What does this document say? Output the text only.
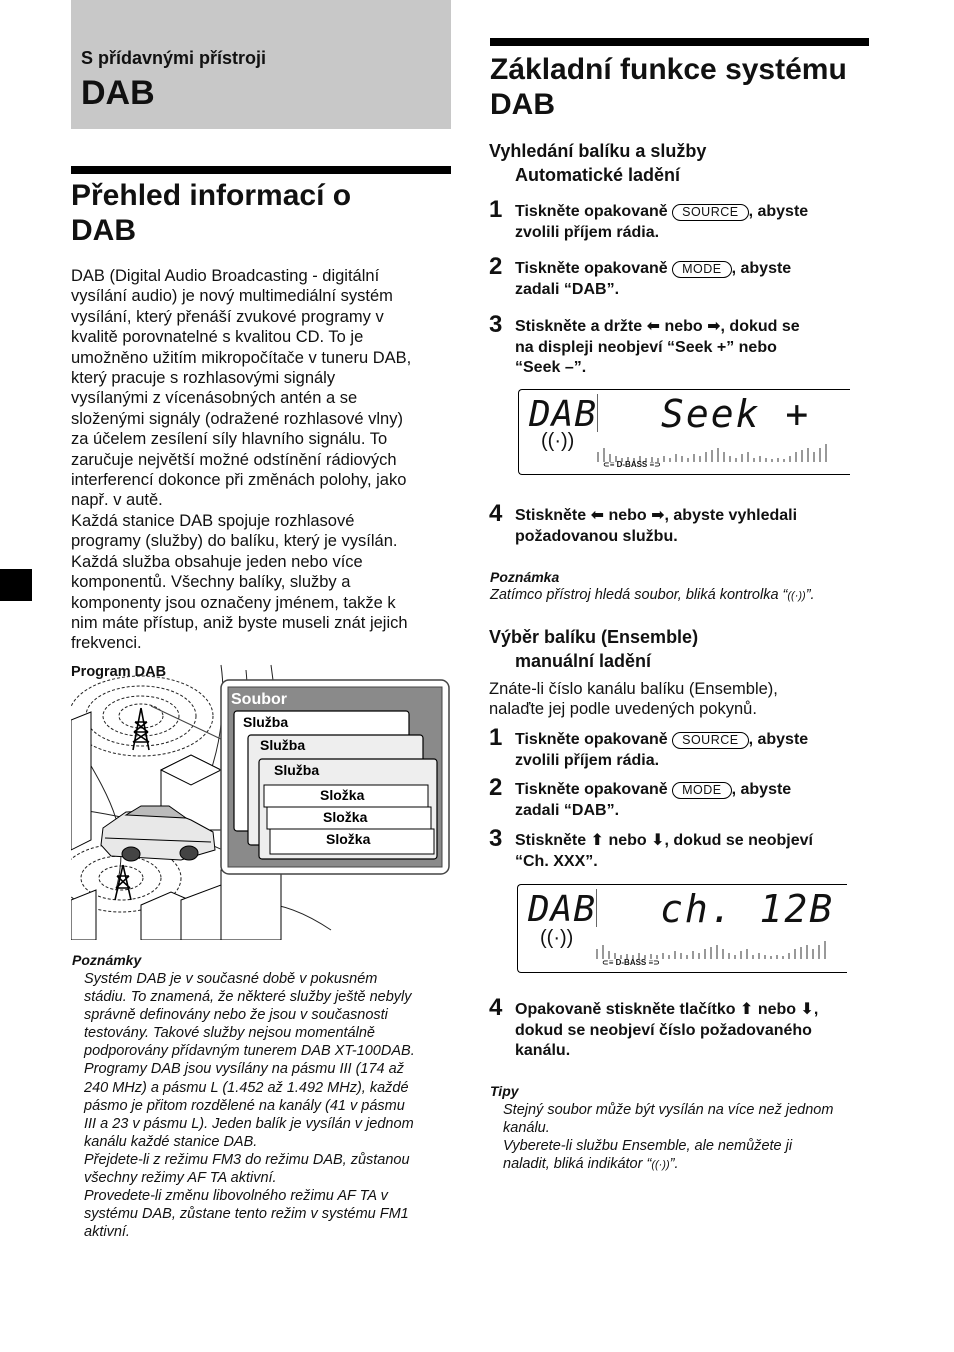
S přídavnými přístroji
DAB
Přehled informací o
DAB
DAB (Digital Audio Broadcasting - digitální
vysílání audio) je nový multimediální systém
vysílání, který přenáší zvukové programy v
kvalitě porovnatelné s kvalitou CD. To je
umožněno užitím mikropočítače v tuneru DAB,
který pracuje s rozhlasovými signály
vysílanými z vícenásobných antén a se
složenými signály (odražené rozhlasové vlny)
za účelem zesílení síly hlavního signálu. To
zaručuje největší možné odstínění rádiových
interferencí dokonce při změnách polohy, jako
např. v autě.
Každá stanice DAB spojuje rozhlasové
programy (služby) do balíku, který je vysílán.
Každá služba obsahuje jeden nebo více
komponentů. Všechny balíky, služby a
komponenty jsou označeny jménem, takže k
nim máte přístup, aniž byste museli znát jejich
frekvenci.
Program DAB
Soubor
Služba
Služba
Služba
Složka
Složka
Složka
Poznámky
Systém DAB je v současné době v pokusném
stádiu. To znamená, že některé služby ještě nebyly
správně definovány nebo že jsou v současnosti
testovány. Takové služby nejsou momentálně
podporovány přídavným tunerem DAB XT-100DAB.
Programy DAB jsou vysílány na pásmu III (174 až
240 MHz) a pásmu L (1.452 až 1.492 MHz), každé
pásmo je přitom rozdělené na kanály (41 v pásmu
III a 23 v pásmu L). Jeden balík je vysílán v jednom
kanálu každé stanice DAB.
Přejdete-li z režimu FM3 do režimu DAB, zůstanou
všechny režimy AF TA aktivní.
Provedete-li změnu libovolného režimu AF TA v
systému DAB, zůstane tento režim v systému FM1
aktivní.
Základní funkce systému
DAB
Vyhledání balíku a služby
Automatické ladění
1 Tiskněte opakovaně SOURCE , abyste
zvolili příjem rádia.
2 Tiskněte opakovaně MODE , abyste
zadali “DAB”.
3 Stiskněte a držte ⬅ nebo ➡, dokud se
na displeji neobjeví “Seek +” nebo
“Seek –”.
DAB Seek +
((·))
⊂≡ D-BASS ≡⊃
4 Stiskněte ⬅ nebo ➡, abyste vyhledali
požadovanou službu.
Poznámka
Zatímco přístroj hledá soubor, bliká kontrolka “((·))”.
Výběr balíku (Ensemble)
manuální ladění
Znáte-li číslo kanálu balíku (Ensemble),
nalaďte jej podle uvedených pokynů.
1 Tiskněte opakovaně SOURCE , abyste
zvolili příjem rádia.
2 Tiskněte opakovaně MODE , abyste
zadali “DAB”.
3 Stiskněte ⬆ nebo ⬇, dokud se neobjeví
“Ch. XXX”.
DAB ch. 12B
((·))
⊂≡ D-BASS ≡⊃
4 Opakovaně stiskněte tlačítko ⬆ nebo ⬇,
dokud se neobjeví číslo požadovaného
kanálu.
Tipy
Stejný soubor může být vysílán na více než jednom
kanálu.
Vyberete-li službu Ensemble, ale nemůžete ji
naladit, bliká indikátor “((·))”.
